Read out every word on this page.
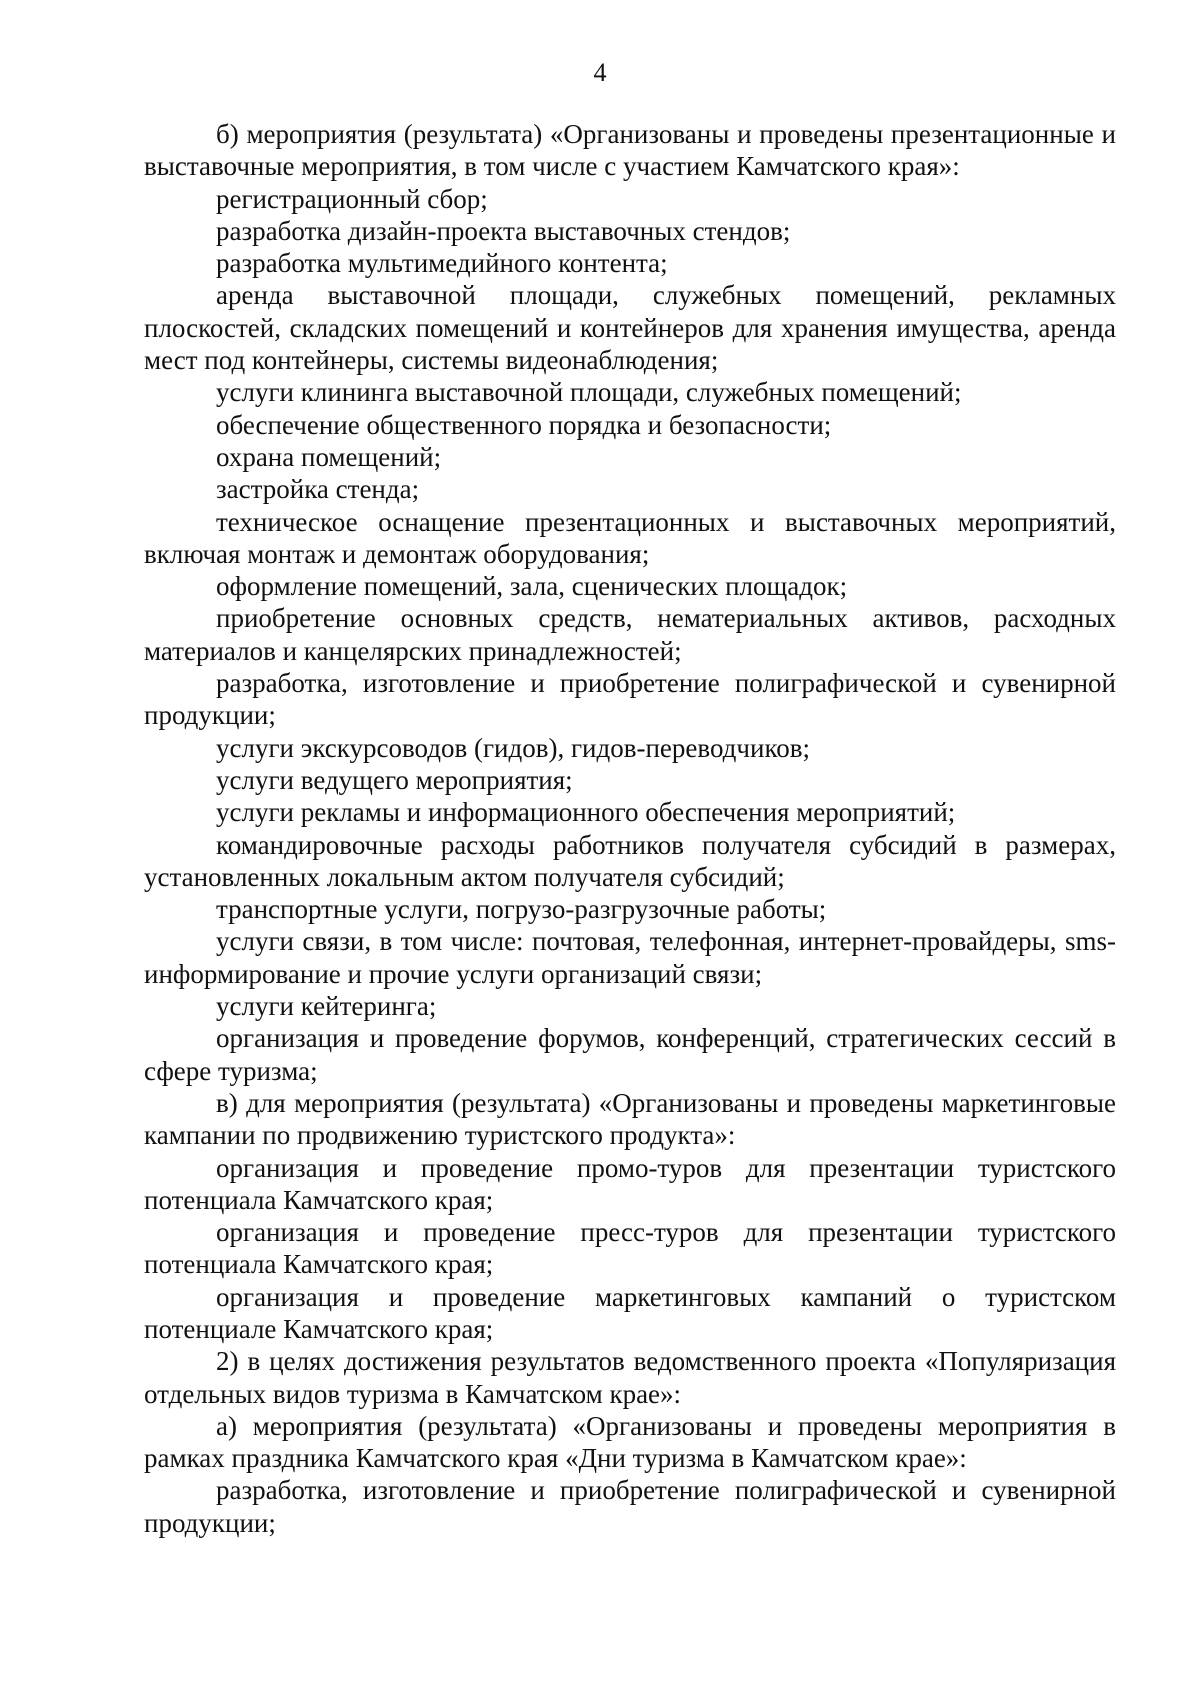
4

б) мероприятия (результата) «Организованы и проведены презентационные и выставочные мероприятия, в том числе с участием Камчатского края»:

регистрационный сбор;

разработка дизайн-проекта выставочных стендов;

разработка мультимедийного контента;

аренда выставочной площади, служебных помещений, рекламных плоскостей, складских помещений и контейнеров для хранения имущества, аренда мест под контейнеры, системы видеонаблюдения;

услуги клининга выставочной площади, служебных помещений;

обеспечение общественного порядка и безопасности;

охрана помещений;

застройка стенда;

техническое оснащение презентационных и выставочных мероприятий, включая монтаж и демонтаж оборудования;

оформление помещений, зала, сценических площадок;

приобретение основных средств, нематериальных активов, расходных материалов и канцелярских принадлежностей;

разработка, изготовление и приобретение полиграфической и сувенирной продукции;

услуги экскурсоводов (гидов), гидов-переводчиков;

услуги ведущего мероприятия;

услуги рекламы и информационного обеспечения мероприятий;

командировочные расходы работников получателя субсидий в размерах, установленных локальным актом получателя субсидий;

транспортные услуги, погрузо-разгрузочные работы;

услуги связи, в том числе: почтовая, телефонная, интернет-провайдеры, sms-информирование и прочие услуги организаций связи;

услуги кейтеринга;

организация и проведение форумов, конференций, стратегических сессий в сфере туризма;

в) для мероприятия (результата) «Организованы и проведены маркетинговые кампании по продвижению туристского продукта»:

организация и проведение промо-туров для презентации туристского потенциала Камчатского края;

организация и проведение пресс-туров для презентации туристского потенциала Камчатского края;

организация и проведение маркетинговых кампаний о туристском потенциале Камчатского края;

2) в целях достижения результатов ведомственного проекта «Популяризация отдельных видов туризма в Камчатском крае»:

а) мероприятия (результата) «Организованы и проведены мероприятия в рамках праздника Камчатского края «Дни туризма в Камчатском крае»:

разработка, изготовление и приобретение полиграфической и сувенирной продукции;
